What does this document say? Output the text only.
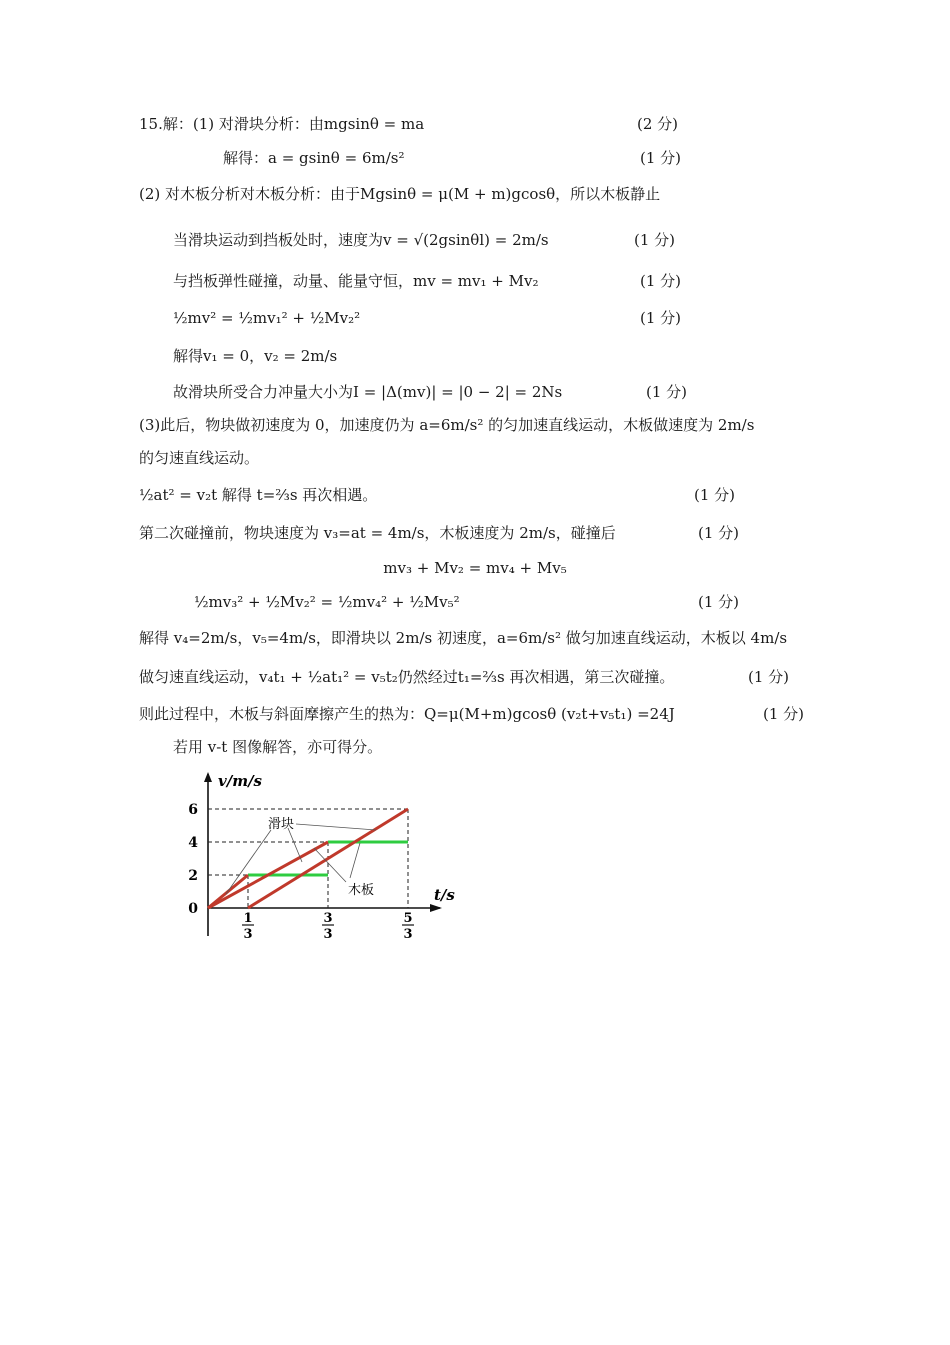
15.解：(1) 对滑块分析：由mgsinθ = ma	(2 分)
解得：a = gsinθ = 6m/s²	(1 分)
(2) 对木板分析对木板分析：由于Mgsinθ = μ(M + m)gcosθ，所以木板静止
当滑块运动到挡板处时，速度为v = √(2gsinθl) = 2m/s	(1 分)
与挡板弹性碰撞，动量、能量守恒，mv = mv₁ + Mv₂	(1 分)
½mv² = ½mv₁² + ½Mv₂²	(1 分)
解得v₁ = 0，v₂ = 2m/s
故滑块所受合力冲量大小为I = |Δ(mv)| = |0 − 2| = 2Ns	(1 分)
(3)此后，物块做初速度为 0，加速度仍为 a=6m/s² 的匀加速直线运动，木板做速度为 2m/s
的匀速直线运动。
½at² = v₂t 解得 t=⅔s 再次相遇。	(1 分)
第二次碰撞前，物块速度为 v₃=at = 4m/s，木板速度为 2m/s，碰撞后	(1 分)
mv₃ + Mv₂ = mv₄ + Mv₅
½mv₃² + ½Mv₂² = ½mv₄² + ½Mv₅²	(1 分)
解得 v₄=2m/s，v₅=4m/s，即滑块以 2m/s 初速度，a=6m/s² 做匀加速直线运动，木板以 4m/s
做匀速直线运动，v₄t₁ + ½at₁² = v₅t₂仍然经过t₁=⅔s 再次相遇，第三次碰撞。	(1 分)
则此过程中，木板与斜面摩擦产生的热为：Q=μ(M+m)gcosθ (v₂t+v₅t₁) =24J	(1 分)
若用 v-t 图像解答，亦可得分。
滑块
木板
v/m/s
t/s
0
2
4
6
1
3
3
3
5
3
